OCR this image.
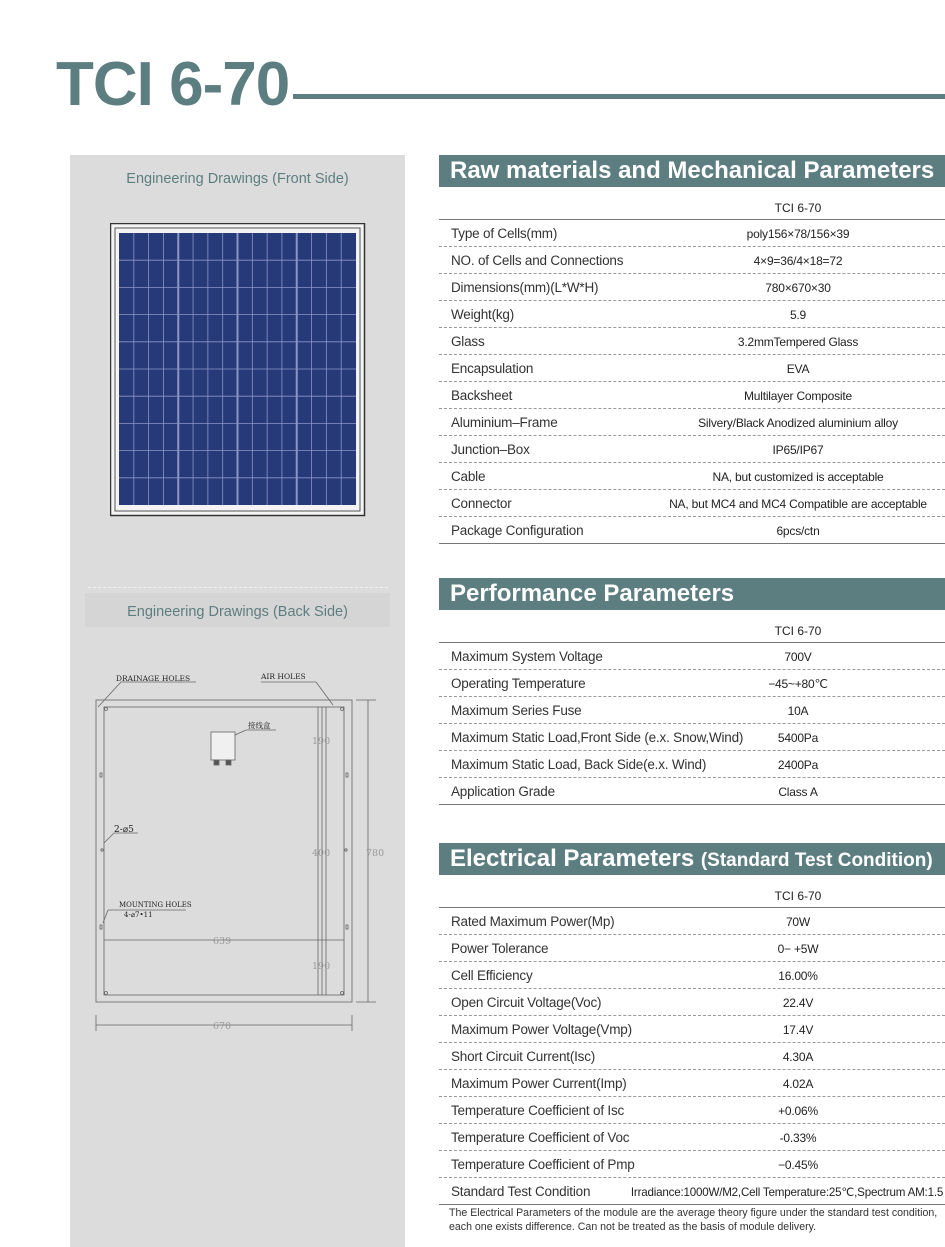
TCI 6-70
Engineering Drawings (Front Side)
Engineering Drawings (Back Side)
DRAINAGE HOLES	AIR HOLES
接线盒
2-⌀5
MOUNTING HOLES
4-⌀7•11
190
400
190
780
639
670
Raw materials and Mechanical Parameters
TCI 6-70
Type of Cells(mm)	poly156×78/156×39
NO. of Cells and Connections	4×9=36/4×18=72
Dimensions(mm)(L*W*H)	780×670×30
Weight(kg)	5.9
Glass	3.2mmTempered Glass
Encapsulation	EVA
Backsheet	Multilayer Composite
Aluminium–Frame	Silvery/Black Anodized aluminium alloy
Junction–Box	IP65/IP67
Cable	NA, but customized is acceptable
Connector	NA, but MC4 and MC4 Compatible are acceptable
Package Configuration	6pcs/ctn
Performance Parameters
TCI 6-70
Maximum System Voltage	700V
Operating Temperature	−45~+80℃
Maximum Series Fuse	10A
Maximum Static Load,Front Side (e.x. Snow,Wind)	5400Pa
Maximum Static Load, Back Side(e.x. Wind)	2400Pa
Application Grade	Class A
Electrical Parameters (Standard Test Condition)
TCI 6-70
Rated Maximum Power(Mp)	70W
Power Tolerance	0− +5W
Cell Efficiency	16.00%
Open Circuit Voltage(Voc)	22.4V
Maximum Power Voltage(Vmp)	17.4V
Short Circuit Current(Isc)	4.30A
Maximum Power Current(Imp)	4.02A
Temperature Coefficient of Isc	+0.06%
Temperature Coefficient of Voc	-0.33%
Temperature Coefficient of Pmp	−0.45%
Standard Test Condition	Irradiance:1000W/M2,Cell Temperature:25℃,Spectrum AM:1.5
The Electrical Parameters of the module are the average theory figure under the standard test condition, each one exists difference. Can not be treated as the basis of module delivery.
